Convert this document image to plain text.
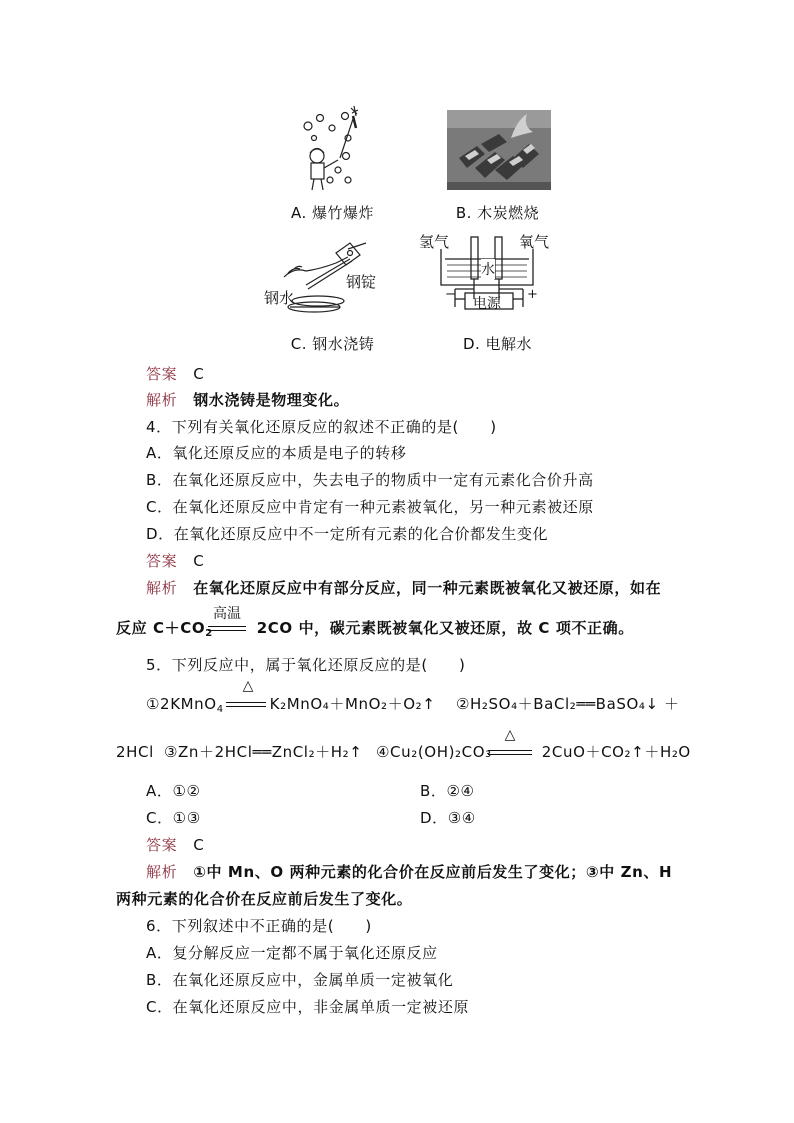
A. 爆竹爆炸	B. 木炭燃烧
钢锭
钢水
C. 钢水浇铸
氢气	氧气
水
电源
−	+
D. 电解水
答案 C
解析 钢水浇铸是物理变化。
4．下列有关氧化还原反应的叙述不正确的是(　　)
A．氧化还原反应的本质是电子的转移
B．在氧化还原反应中，失去电子的物质中一定有元素化合价升高
C．在氧化还原反应中肯定有一种元素被氧化，另一种元素被还原
D．在氧化还原反应中不一定所有元素的化合价都发生变化
答案 C
解析 在氧化还原反应中有部分反应，同一种元素既被氧化又被还原，如在
高温
反应 $C+CO_2$	2CO 中，碳元素既被氧化又被还原，故 C 项不正确。
5．下列反应中，属于氧化还原反应的是(　　)
△
①2KMnO$_4$	K₂MnO₄＋MnO₂＋O₂↑ ②H₂SO₄＋BaCl₂══BaSO₄↓ ＋
2HCl ③Zn＋2HCl══ZnCl₂＋H₂↑
△
④Cu₂(OH)₂CO₃	2CuO＋CO₂↑＋H₂O
A．①②	B．②④
C．①③	D．③④
答案 C
解析 ①中 Mn、O 两种元素的化合价在反应前后发生了变化；③中 Zn、H
两种元素的化合价在反应前后发生了变化。
6．下列叙述中不正确的是(　　)
A．复分解反应一定都不属于氧化还原反应
B．在氧化还原反应中，金属单质一定被氧化
C．在氧化还原反应中，非金属单质一定被还原
